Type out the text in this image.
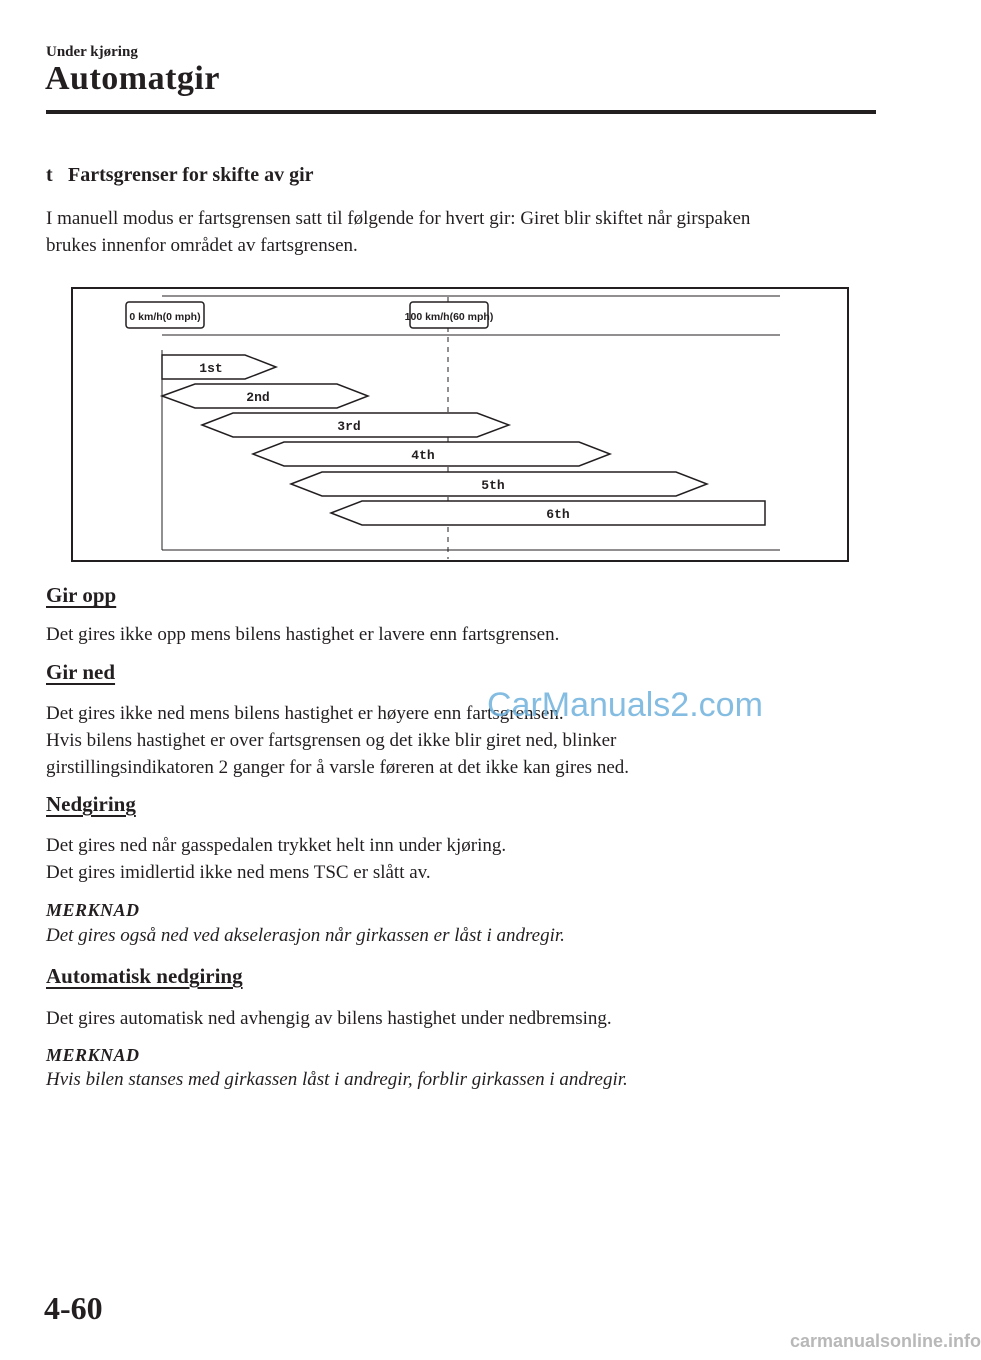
Under kjøring
Automatgir
t Fartsgrenser for skifte av gir
I manuell modus er fartsgrensen satt til følgende for hvert gir: Giret blir skiftet når girspaken
brukes innenfor området av fartsgrensen.
0 km/h(0 mph)	100 km/h(60 mph)
1st
2nd
3rd
4th
5th
6th
Gir opp
Det gires ikke opp mens bilens hastighet er lavere enn fartsgrensen.
Gir ned
Det gires ikke ned mens bilens hastighet er høyere enn fartsgrensen.
Hvis bilens hastighet er over fartsgrensen og det ikke blir giret ned, blinker
girstillingsindikatoren 2 ganger for å varsle føreren at det ikke kan gires ned.
Nedgiring
Det gires ned når gasspedalen trykket helt inn under kjøring.
Det gires imidlertid ikke ned mens TSC er slått av.
MERKNAD
Det gires også ned ved akselerasjon når girkassen er låst i andregir.
Automatisk nedgiring
Det gires automatisk ned avhengig av bilens hastighet under nedbremsing.
MERKNAD
Hvis bilen stanses med girkassen låst i andregir, forblir girkassen i andregir.
CarManuals2.com
4-60
carmanualsonline.info
